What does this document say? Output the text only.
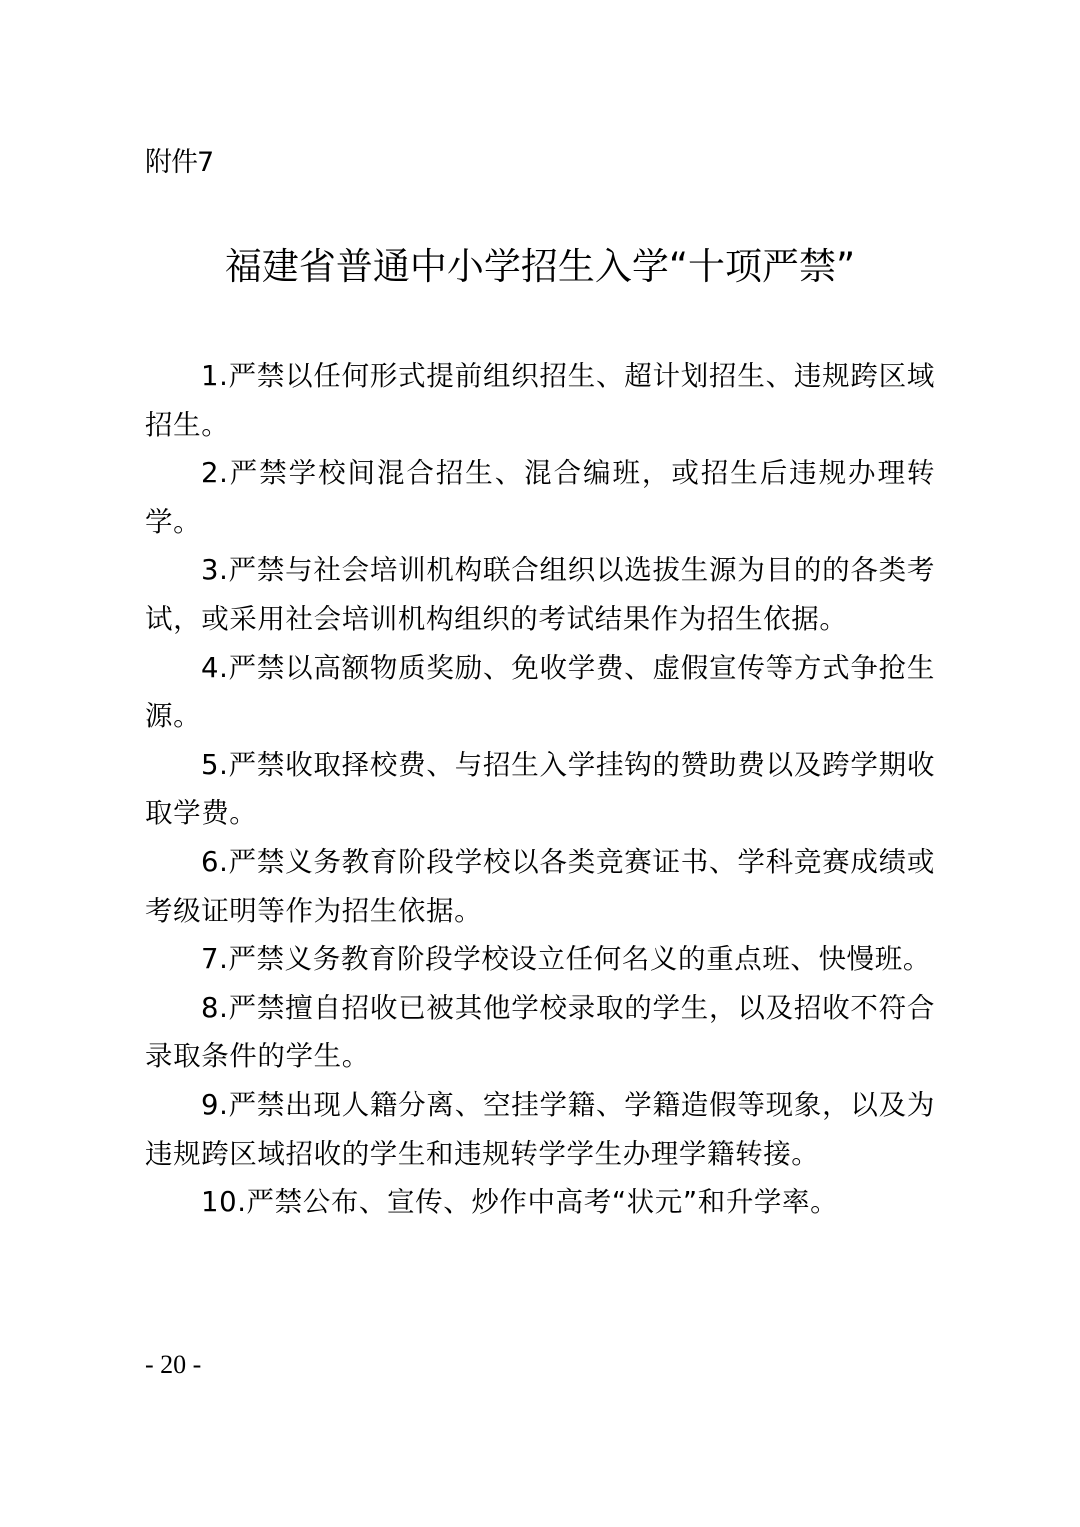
附件7
福建省普通中小学招生入学“十项严禁”

1.严禁以任何形式提前组织招生、超计划招生、违规跨区域招生。

2.严禁学校间混合招生、混合编班，或招生后违规办理转学。

3.严禁与社会培训机构联合组织以选拔生源为目的的各类考试，或采用社会培训机构组织的考试结果作为招生依据。

4.严禁以高额物质奖励、免收学费、虚假宣传等方式争抢生源。

5.严禁收取择校费、与招生入学挂钩的赞助费以及跨学期收取学费。

6.严禁义务教育阶段学校以各类竞赛证书、学科竞赛成绩或考级证明等作为招生依据。

7.严禁义务教育阶段学校设立任何名义的重点班、快慢班。

8.严禁擅自招收已被其他学校录取的学生，以及招收不符合录取条件的学生。

9.严禁出现人籍分离、空挂学籍、学籍造假等现象，以及为违规跨区域招收的学生和违规转学学生办理学籍转接。

10.严禁公布、宣传、炒作中高考“状元”和升学率。

- 20 -
